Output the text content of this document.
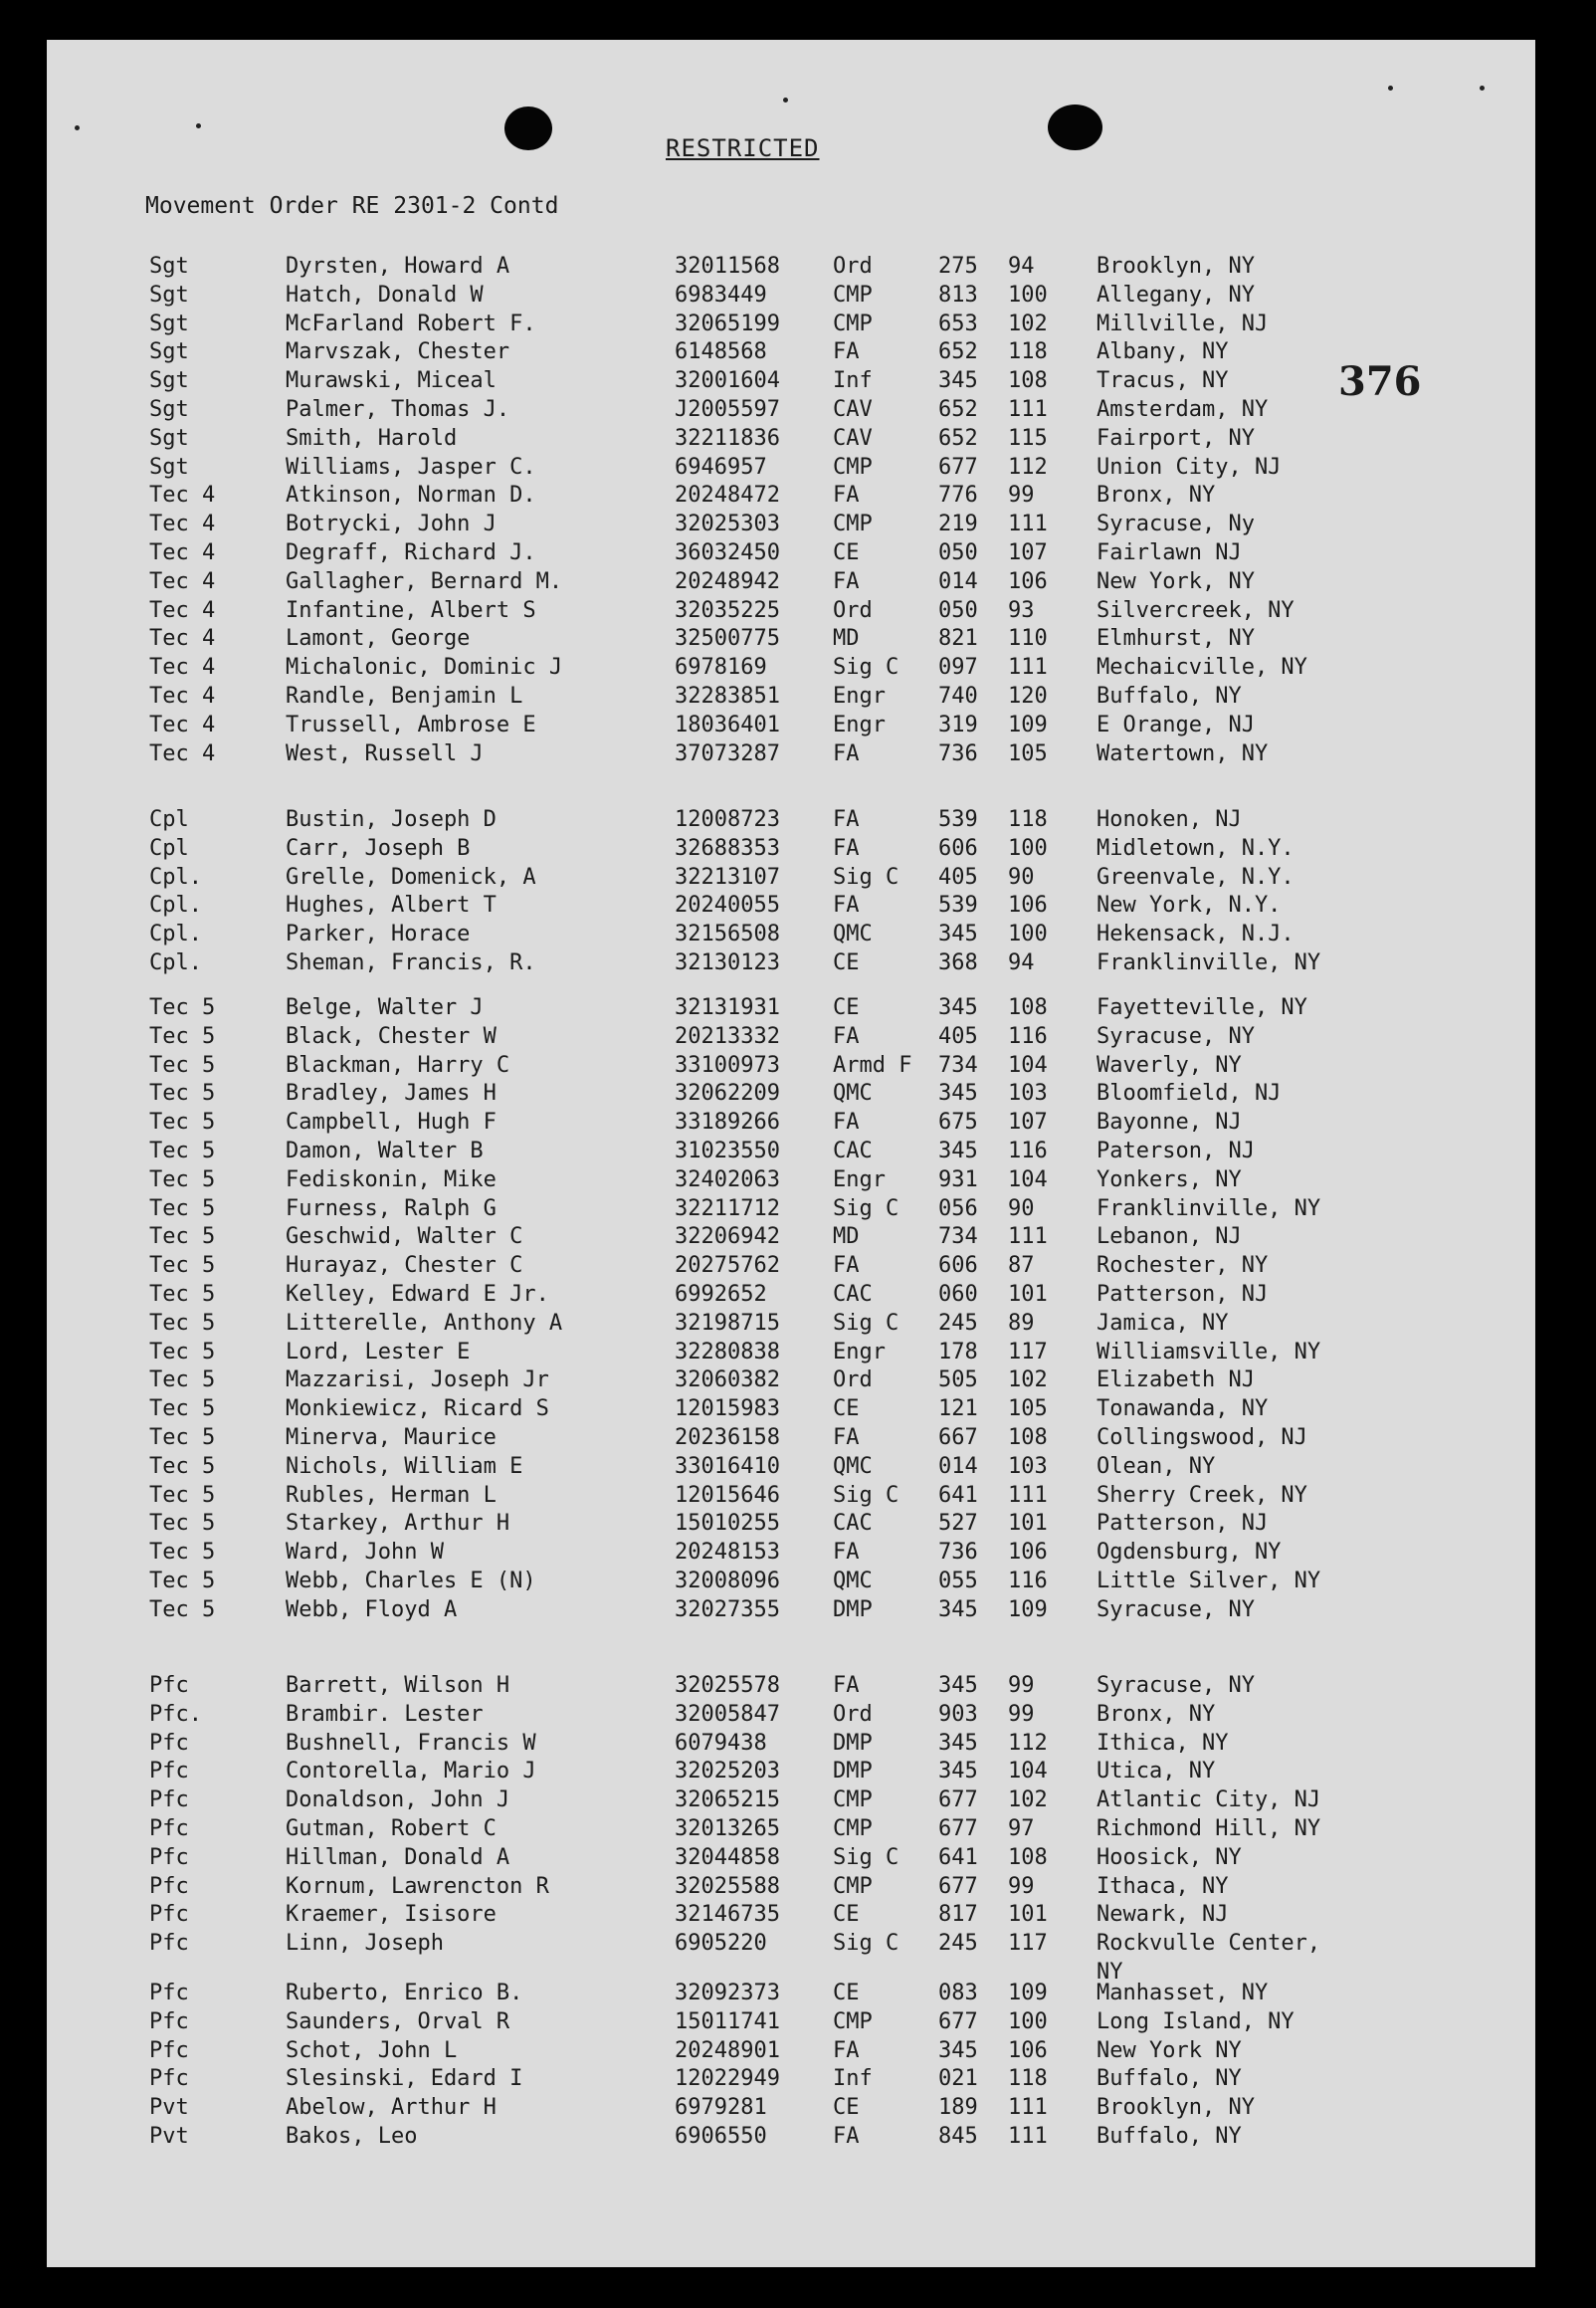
RESTRICTED
Movement Order RE 2301-2 Contd
376
Sgt	Dyrsten, Howard A	32011568 Ord	275 94	Brooklyn, NY
Sgt	Hatch, Donald W	6983449	CMP	813 100 Allegany, NY
Sgt	McFarland Robert F.	32065199 CMP	653 102 Millville, NJ
Sgt	Marvszak, Chester	6148568	FA	652 118 Albany, NY
Sgt	Murawski, Miceal	32001604 Inf	345 108 Tracus, NY
Sgt	Palmer, Thomas J.	J2005597 CAV	652 111 Amsterdam, NY
Sgt	Smith, Harold	32211836 CAV	652 115 Fairport, NY
Sgt	Williams, Jasper C.	6946957	CMP	677 112 Union City, NJ
Tec 4	Atkinson, Norman D.	20248472 FA	776 99	Bronx, NY
Tec 4	Botrycki, John J	32025303 CMP	219 111 Syracuse, Ny
Tec 4	Degraff, Richard J.	36032450 CE	050 107 Fairlawn NJ
Tec 4	Gallagher, Bernard M.	20248942 FA	014 106 New York, NY
Tec 4	Infantine, Albert S	32035225 Ord	050 93	Silvercreek, NY
Tec 4	Lamont, George	32500775 MD	821 110 Elmhurst, NY
Tec 4	Michalonic, Dominic J	6978169	Sig C 097 111 Mechaicville, NY
Tec 4	Randle, Benjamin L	32283851 Engr 740 120 Buffalo, NY
Tec 4	Trussell, Ambrose E	18036401 Engr 319 109 E Orange, NJ
Tec 4	West, Russell J	37073287 FA	736 105 Watertown, NY
Cpl	Bustin, Joseph D	12008723 FA	539 118 Honoken, NJ
Cpl	Carr, Joseph B	32688353 FA	606 100 Midletown, N.Y.
Cpl.	Grelle, Domenick, A	32213107 Sig C 405 90	Greenvale, N.Y.
Cpl.	Hughes, Albert T	20240055 FA	539 106 New York, N.Y.
Cpl.	Parker, Horace	32156508 QMC	345 100 Hekensack, N.J.
Cpl.	Sheman, Francis, R.	32130123 CE	368 94	Franklinville, NY
Tec 5	Belge, Walter J	32131931 CE	345 108 Fayetteville, NY
Tec 5	Black, Chester W	20213332 FA	405 116 Syracuse, NY
Tec 5	Blackman, Harry C	33100973 Armd F 734 104 Waverly, NY
Tec 5	Bradley, James H	32062209 QMC	345 103 Bloomfield, NJ
Tec 5	Campbell, Hugh F	33189266 FA	675 107 Bayonne, NJ
Tec 5	Damon, Walter B	31023550 CAC	345 116 Paterson, NJ
Tec 5	Fediskonin, Mike	32402063 Engr 931 104 Yonkers, NY
Tec 5	Furness, Ralph G	32211712 Sig C 056 90	Franklinville, NY
Tec 5	Geschwid, Walter C	32206942 MD	734 111 Lebanon, NJ
Tec 5	Hurayaz, Chester C	20275762 FA	606 87	Rochester, NY
Tec 5	Kelley, Edward E Jr.	6992652	CAC	060 101 Patterson, NJ
Tec 5	Litterelle, Anthony A	32198715 Sig C 245 89	Jamica, NY
Tec 5	Lord, Lester E	32280838 Engr 178 117 Williamsville, NY
Tec 5	Mazzarisi, Joseph Jr	32060382 Ord	505 102 Elizabeth NJ
Tec 5	Monkiewicz, Ricard S	12015983 CE	121 105 Tonawanda, NY
Tec 5	Minerva, Maurice	20236158 FA	667 108 Collingswood, NJ
Tec 5	Nichols, William E	33016410 QMC	014 103 Olean, NY
Tec 5	Rubles, Herman L	12015646 Sig C 641 111 Sherry Creek, NY
Tec 5	Starkey, Arthur H	15010255 CAC	527 101 Patterson, NJ
Tec 5	Ward, John W	20248153 FA	736 106 Ogdensburg, NY
Tec 5	Webb, Charles E (N)	32008096 QMC	055 116 Little Silver, NY
Tec 5	Webb, Floyd A	32027355 DMP	345 109 Syracuse, NY
Pfc	Barrett, Wilson H	32025578 FA	345 99	Syracuse, NY
Pfc.	Brambir. Lester	32005847 Ord	903 99	Bronx, NY
Pfc	Bushnell, Francis W	6079438	DMP	345 112 Ithica, NY
Pfc	Contorella, Mario J	32025203 DMP	345 104 Utica, NY
Pfc	Donaldson, John J	32065215 CMP	677 102 Atlantic City, NJ
Pfc	Gutman, Robert C	32013265 CMP	677 97	Richmond Hill, NY
Pfc	Hillman, Donald A	32044858 Sig C 641 108 Hoosick, NY
Pfc	Kornum, Lawrencton R	32025588 CMP	677 99	Ithaca, NY
Pfc	Kraemer, Isisore	32146735 CE	817 101 Newark, NJ
Pfc	Linn, Joseph	6905220	Sig C 245 117 Rockvulle Center,
NY
Pfc	Ruberto, Enrico B.	32092373 CE	083 109 Manhasset, NY
Pfc	Saunders, Orval R	15011741 CMP	677 100 Long Island, NY
Pfc	Schot, John L	20248901 FA	345 106 New York NY
Pfc	Slesinski, Edard I	12022949 Inf	021 118 Buffalo, NY
Pvt	Abelow, Arthur H	6979281	CE	189 111 Brooklyn, NY
Pvt	Bakos, Leo	6906550	FA	845 111 Buffalo, NY
